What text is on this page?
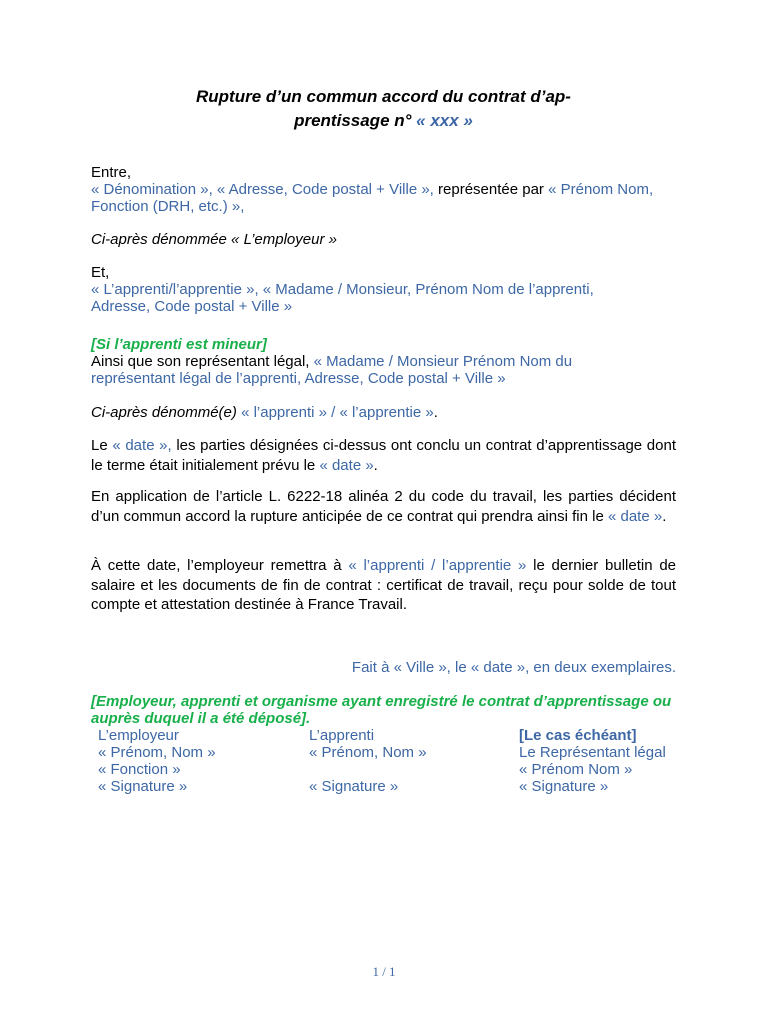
Rupture d’un commun accord du contrat d’ap-
prentissage n° « xxx »
Entre,
« Dénomination », « Adresse, Code postal + Ville », représentée par « Prénom Nom,
Fonction (DRH, etc.) »,
Ci-après dénommée « L’employeur »
Et,
« L’apprenti/l’apprentie », « Madame / Monsieur, Prénom Nom de l’apprenti,
Adresse, Code postal + Ville »
[Si l’apprenti est mineur]
Ainsi que son représentant légal, « Madame / Monsieur Prénom Nom du
représentant légal de l’apprenti, Adresse, Code postal + Ville »
Ci-après dénommé(e) « l’apprenti » / « l’apprentie ».
Le « date », les parties désignées ci-dessus ont conclu un contrat d’apprentissage dont le terme était initialement prévu le « date ».
En application de l’article L. 6222-18 alinéa 2 du code du travail, les parties décident d’un commun accord la rupture anticipée de ce contrat qui prendra ainsi fin le « date ».
À cette date, l’employeur remettra à « l’apprenti / l’apprentie » le dernier bulletin de salaire et les documents de fin de contrat : certificat de travail, reçu pour solde de tout compte et attestation destinée à France Travail.
Fait à « Ville », le « date », en deux exemplaires.
[Employeur, apprenti et organisme ayant enregistré le contrat d’apprentissage ou auprès duquel il a été déposé].
L’employeur
« Prénom, Nom »
« Fonction »
« Signature »
L’apprenti
« Prénom, Nom »

« Signature »
[Le cas échéant]
Le Représentant légal
« Prénom Nom »
« Signature »
1 / 1
